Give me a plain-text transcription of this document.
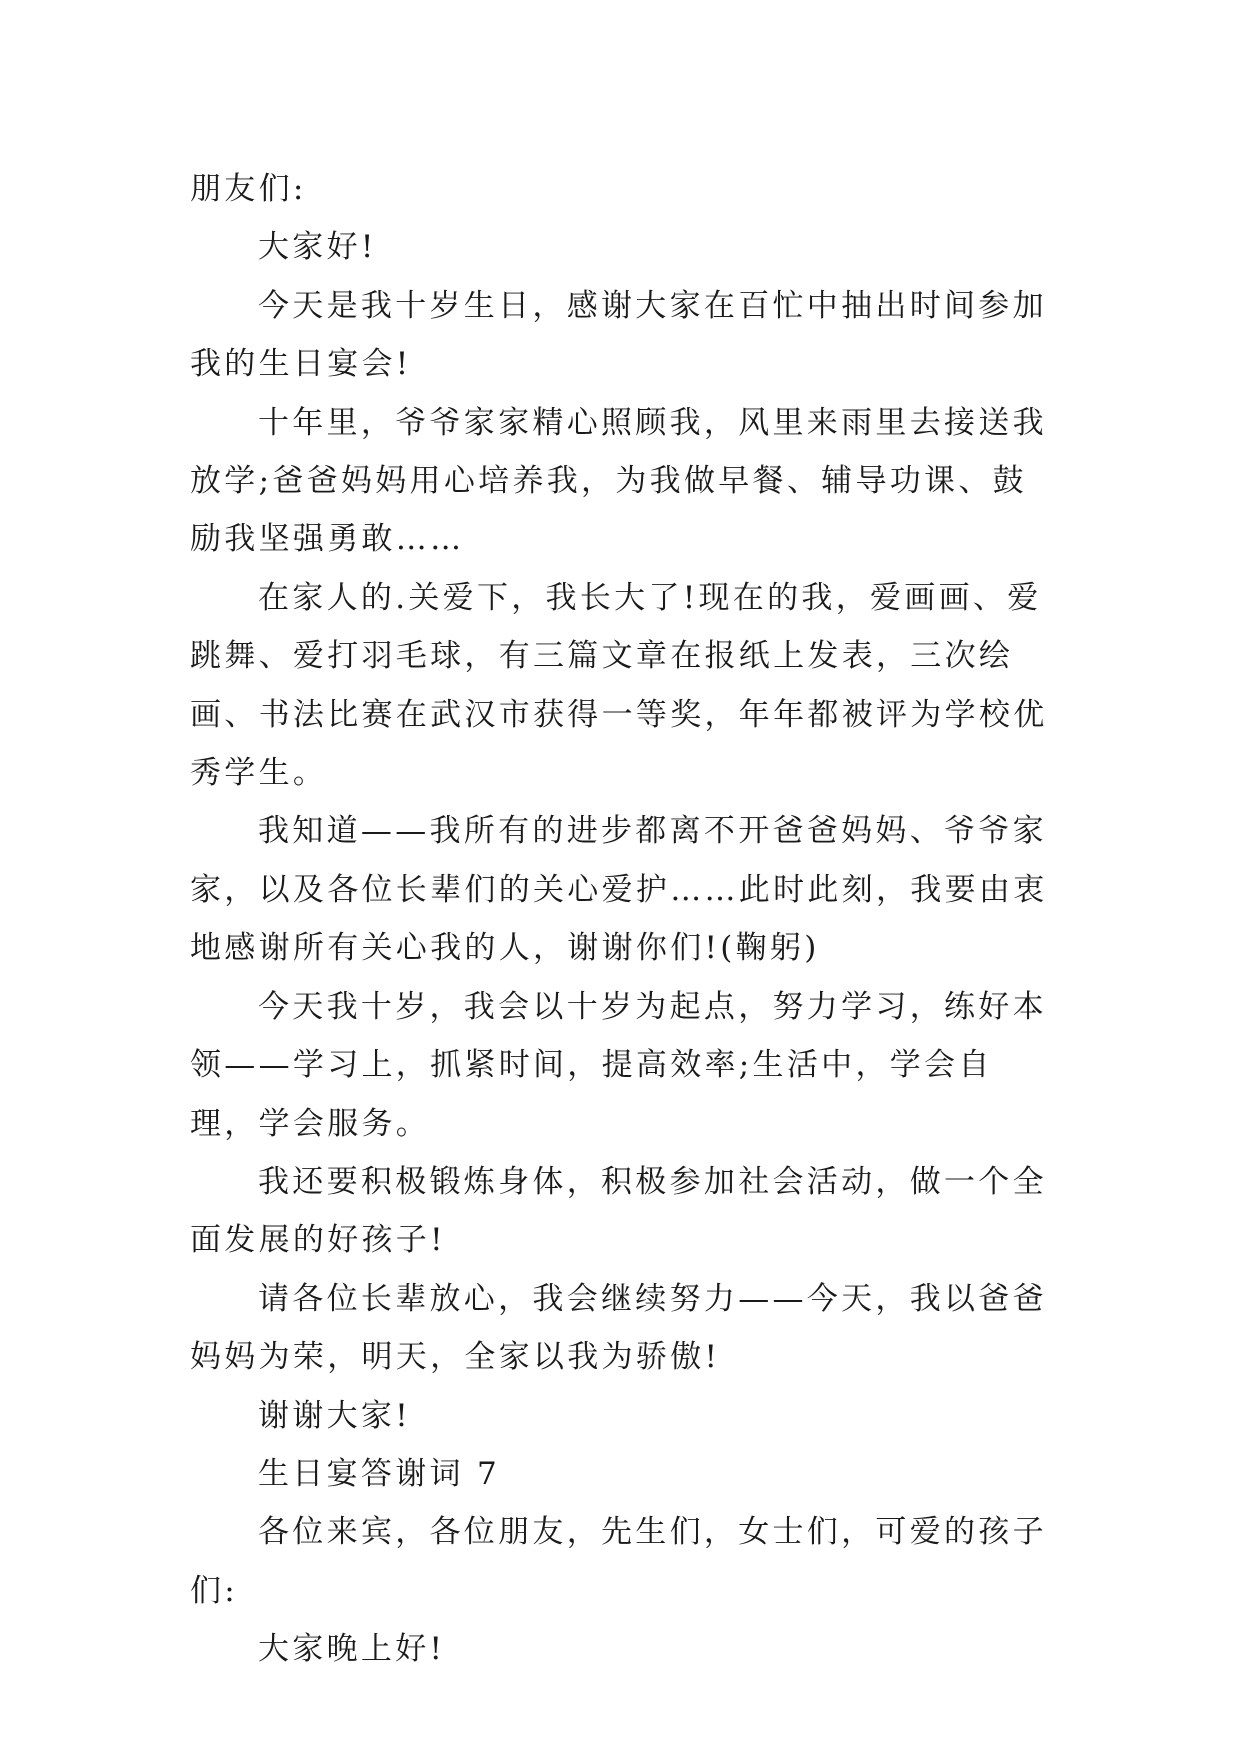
朋友们:

大家好!

今天是我十岁生日，感谢大家在百忙中抽出时间参加我的生日宴会!

十年里，爷爷家家精心照顾我，风里来雨里去接送我放学;爸爸妈妈用心培养我，为我做早餐、辅导功课、鼓励我坚强勇敢……

在家人的.关爱下，我长大了!现在的我，爱画画、爱跳舞、爱打羽毛球，有三篇文章在报纸上发表，三次绘画、书法比赛在武汉市获得一等奖，年年都被评为学校优秀学生。

我知道——我所有的进步都离不开爸爸妈妈、爷爷家家，以及各位长辈们的关心爱护……此时此刻，我要由衷地感谢所有关心我的人，谢谢你们!(鞠躬)

今天我十岁，我会以十岁为起点，努力学习，练好本领——学习上，抓紧时间，提高效率;生活中，学会自理，学会服务。

我还要积极锻炼身体，积极参加社会活动，做一个全面发展的好孩子!

请各位长辈放心，我会继续努力——今天，我以爸爸妈妈为荣，明天，全家以我为骄傲!

谢谢大家!

生日宴答谢词 7

各位来宾，各位朋友，先生们，女士们，可爱的孩子们:

大家晚上好!
